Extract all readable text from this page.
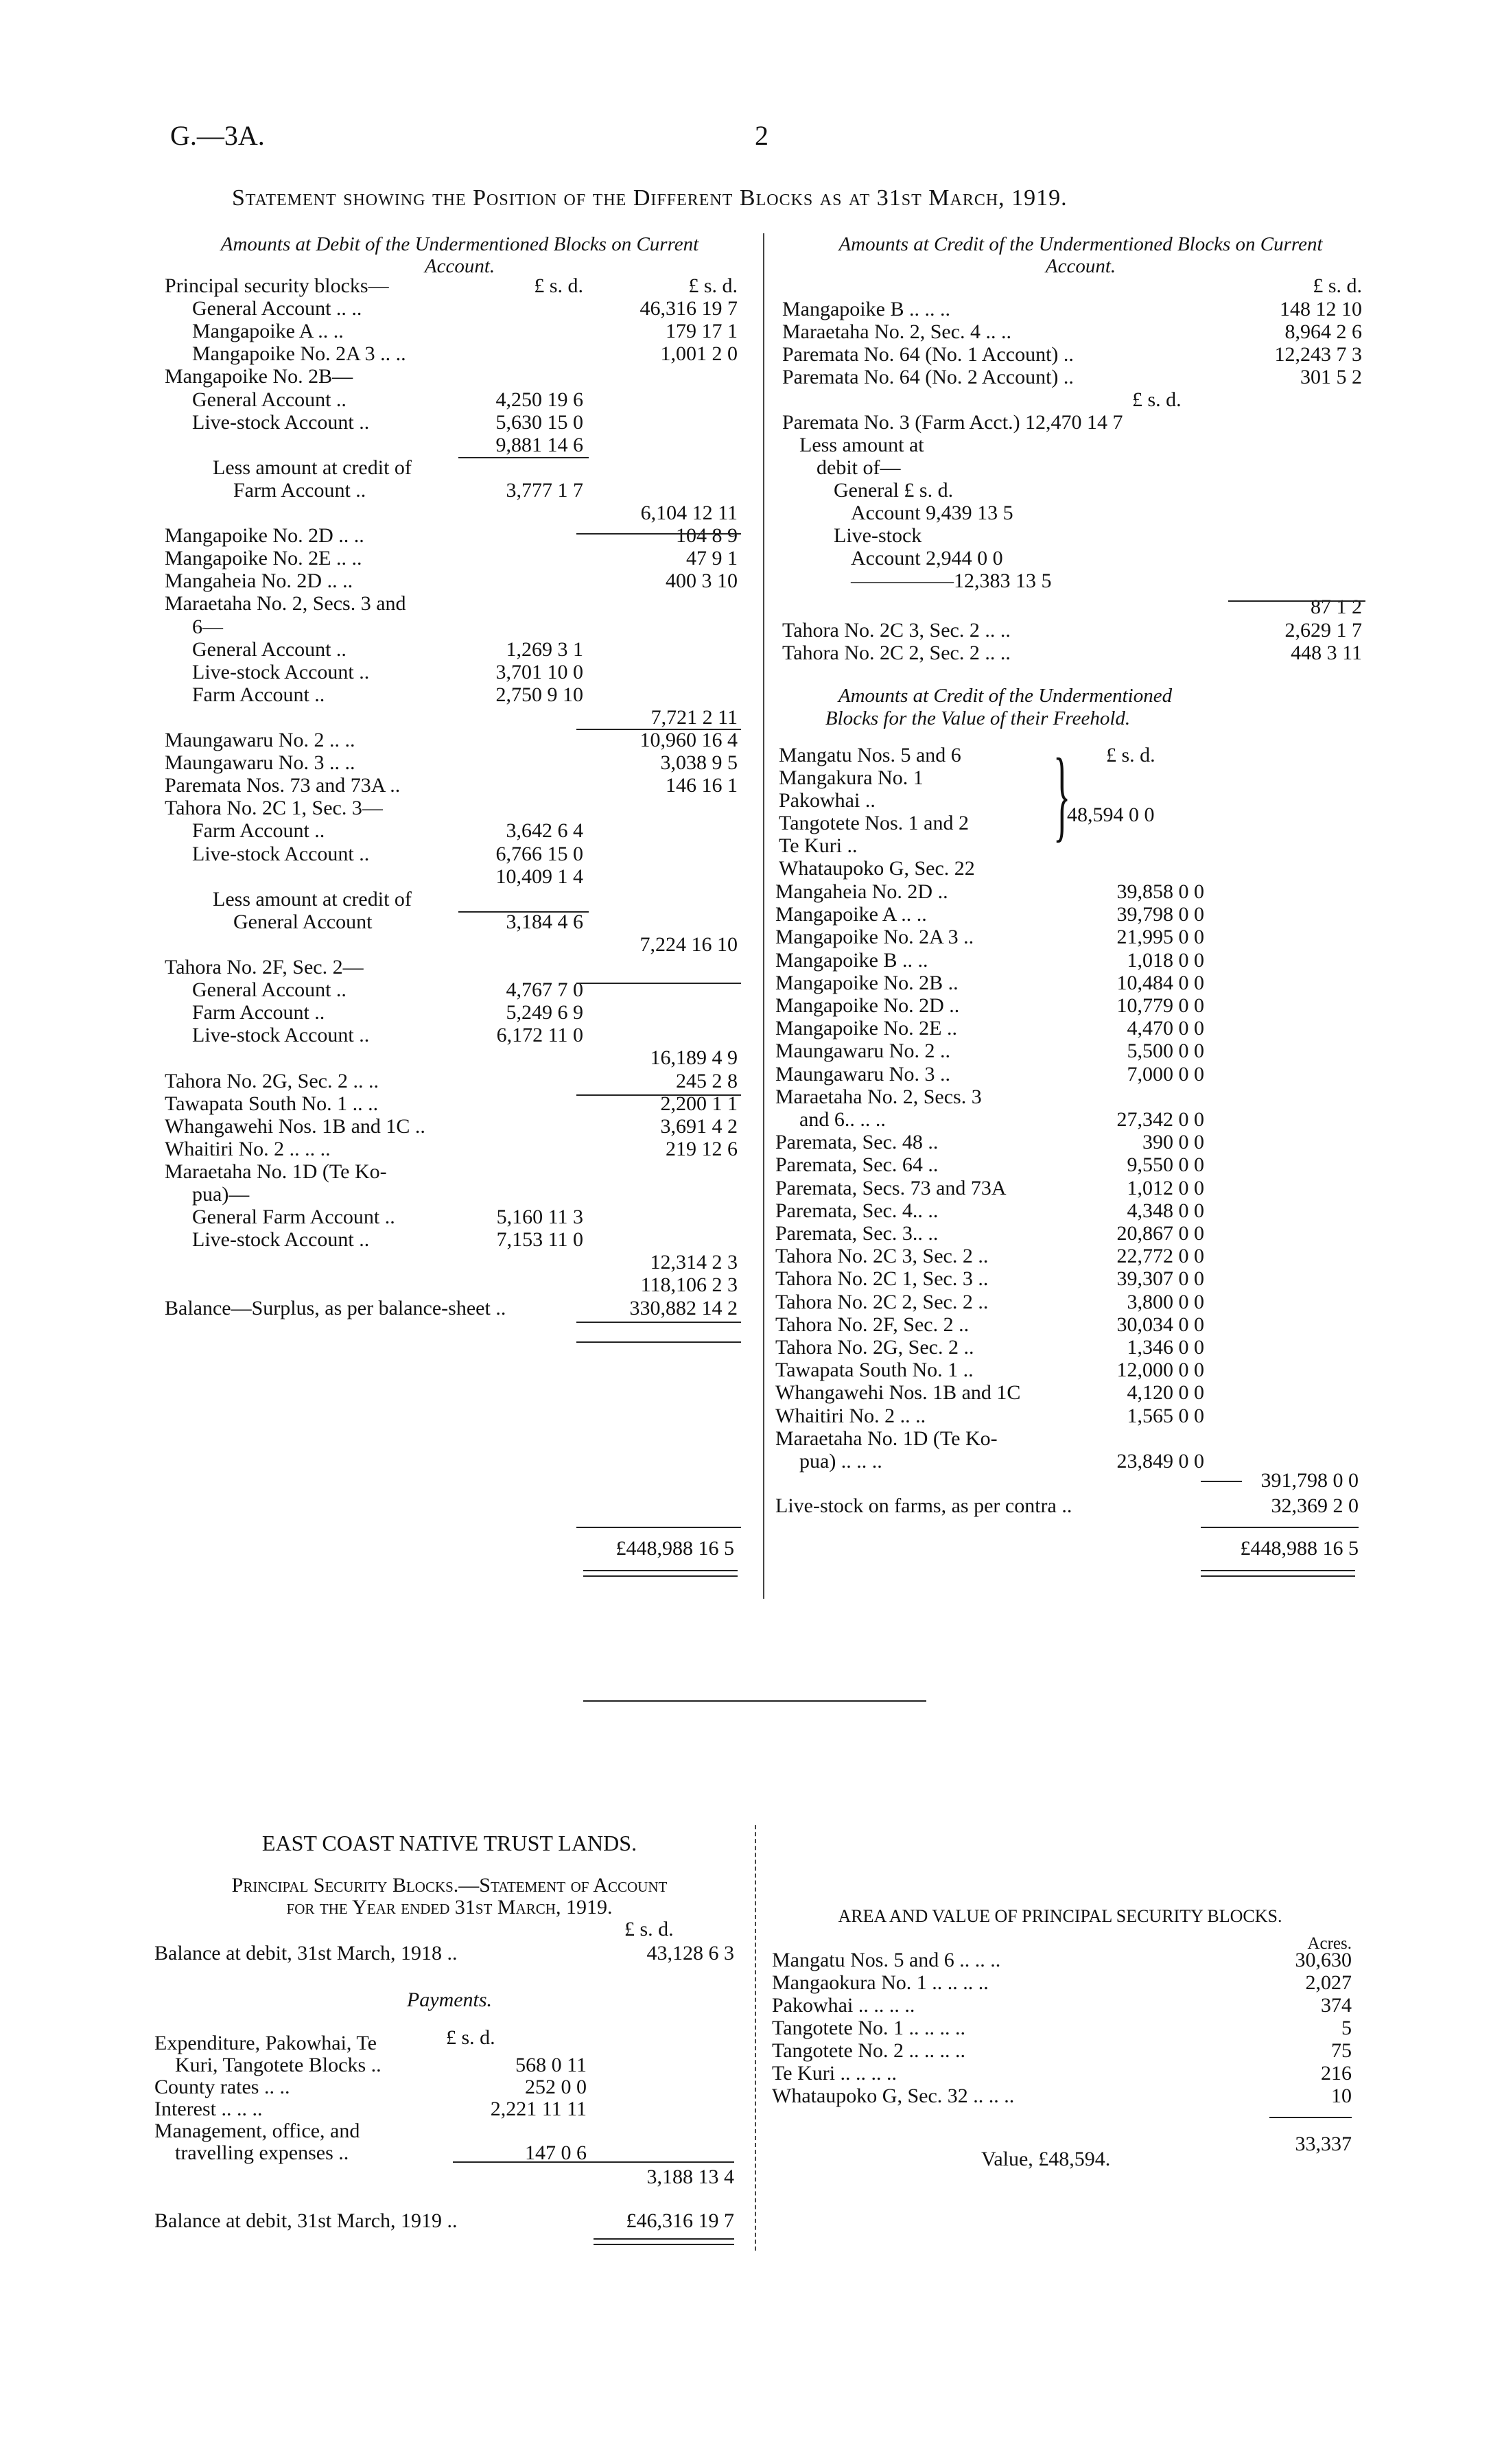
G.—3A.	2
Statement showing the Position of the Different Blocks as at 31st March, 1919.
Amounts at Debit of the Undermentioned Blocks on Current
Account.
Principal security blocks—	£ s. d.	£ s. d.
General Account .. ..	46,316 19 7
Mangapoike A .. ..	179 17 1
Mangapoike No. 2A 3 .. ..	1,001 2 0
Mangapoike No. 2B—
General Account ..	4,250 19 6
Live-stock Account ..	5,630 15 0
9,881 14 6
Less amount at credit of
Farm Account ..	3,777 1 7
6,104 12 11
Mangapoike No. 2D .. ..	104 8 9
Mangapoike No. 2E .. ..	47 9 1
Mangaheia No. 2D .. ..	400 3 10
Maraetaha No. 2, Secs. 3 and
6—
General Account ..	1,269 3 1
Live-stock Account ..	3,701 10 0
Farm Account ..	2,750 9 10
7,721 2 11
Maungawaru No. 2 .. ..	10,960 16 4
Maungawaru No. 3 .. ..	3,038 9 5
Paremata Nos. 73 and 73A ..	146 16 1
Tahora No. 2C 1, Sec. 3—
Farm Account ..	3,642 6 4
Live-stock Account ..	6,766 15 0
10,409 1 4
Less amount at credit of
General Account	3,184 4 6
7,224 16 10
Tahora No. 2F, Sec. 2—
General Account ..	4,767 7 0
Farm Account ..	5,249 6 9
Live-stock Account ..	6,172 11 0
16,189 4 9
Tahora No. 2G, Sec. 2 .. ..	245 2 8
Tawapata South No. 1 .. ..	2,200 1 1
Whangawehi Nos. 1B and 1C ..	3,691 4 2
Whaitiri No. 2 .. .. ..	219 12 6
Maraetaha No. 1D (Te Ko-
pua)—
General Farm Account ..	5,160 11 3
Live-stock Account ..	7,153 11 0
12,314 2 3
118,106 2 3
Balance—Surplus, as per balance-sheet ..	330,882 14 2
£448,988 16 5
Amounts at Credit of the Undermentioned Blocks on Current
Account.
£ s. d.
Mangapoike B .. .. ..	148 12 10
Maraetaha No. 2, Sec. 4 .. ..	8,964 2 6
Paremata No. 64 (No. 1 Account) ..	12,243 7 3
Paremata No. 64 (No. 2 Account) ..	301 5 2
£ s. d.
Paremata No. 3 (Farm Acct.) 12,470 14 7
Less amount at
debit of—
General £ s. d.
Account 9,439 13 5
Live-stock
Account 2,944 0 0
—————12,383 13 5
87 1 2
Tahora No. 2C 3, Sec. 2 .. ..	2,629 1 7
Tahora No. 2C 2, Sec. 2 .. ..	448 3 11
Amounts at Credit of the Undermentioned
Blocks for the Value of their Freehold.
Mangatu Nos. 5 and 6
Mangakura No. 1
Pakowhai ..
Tangotete Nos. 1 and 2
Te Kuri ..
Whataupoko G, Sec. 22
}
48,594 0 0
£ s. d.
Mangaheia No. 2D ..	39,858 0 0
Mangapoike A .. ..	39,798 0 0
Mangapoike No. 2A 3 ..	21,995 0 0
Mangapoike B .. ..	1,018 0 0
Mangapoike No. 2B ..	10,484 0 0
Mangapoike No. 2D ..	10,779 0 0
Mangapoike No. 2E ..	4,470 0 0
Maungawaru No. 2 ..	5,500 0 0
Maungawaru No. 3 ..	7,000 0 0
Maraetaha No. 2, Secs. 3
and 6.. .. ..	27,342 0 0
Paremata, Sec. 48 ..	390 0 0
Paremata, Sec. 64 ..	9,550 0 0
Paremata, Secs. 73 and 73A	1,012 0 0
Paremata, Sec. 4.. ..	4,348 0 0
Paremata, Sec. 3.. ..	20,867 0 0
Tahora No. 2C 3, Sec. 2 ..	22,772 0 0
Tahora No. 2C 1, Sec. 3 ..	39,307 0 0
Tahora No. 2C 2, Sec. 2 ..	3,800 0 0
Tahora No. 2F, Sec. 2 ..	30,034 0 0
Tahora No. 2G, Sec. 2 ..	1,346 0 0
Tawapata South No. 1 ..	12,000 0 0
Whangawehi Nos. 1B and 1C	4,120 0 0
Whaitiri No. 2 .. ..	1,565 0 0
Maraetaha No. 1D (Te Ko-
pua) .. .. ..	23,849 0 0
391,798 0 0
Live-stock on farms, as per contra ..	32,369 2 0
£448,988 16 5
EAST COAST NATIVE TRUST LANDS.
Principal Security Blocks.—Statement of Account
for the Year ended 31st March, 1919.
£ s. d.
Balance at debit, 31st March, 1918 ..	43,128 6 3
Payments.
£ s. d.
Expenditure, Pakowhai, Te
Kuri, Tangotete Blocks ..	568 0 11
County rates .. ..	252 0 0
Interest .. .. ..	2,221 11 11
Management, office, and
travelling expenses ..	147 0 6
3,188 13 4
Balance at debit, 31st March, 1919 ..	£46,316 19 7
AREA AND VALUE OF PRINCIPAL SECURITY BLOCKS.
Acres.
Mangatu Nos. 5 and 6 .. .. ..	30,630
Mangaokura No. 1 .. .. .. ..	2,027
Pakowhai .. .. .. ..	374
Tangotete No. 1 .. .. .. ..	5
Tangotete No. 2 .. .. .. ..	75
Te Kuri .. .. .. ..	216
Whataupoko G, Sec. 32 .. .. ..	10
33,337
Value, £48,594.
